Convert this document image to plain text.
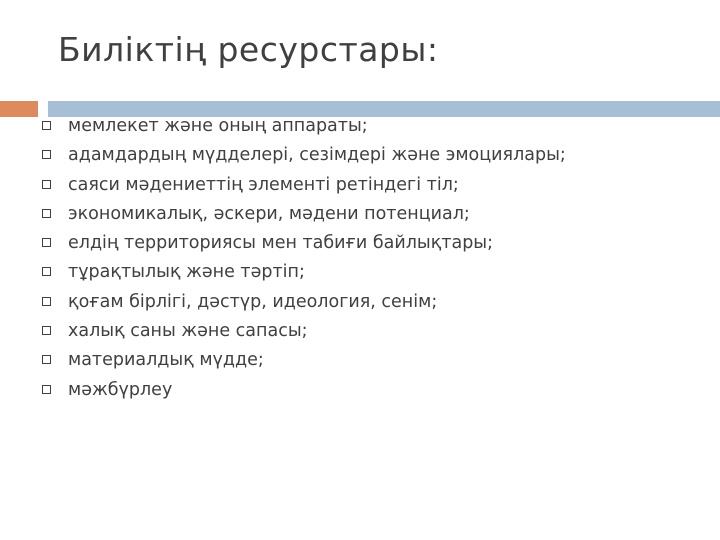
Биліктің ресурстары:
мемлекет және оның аппараты;
адамдардың мүдделері, сезімдері және эмоциялары;
саяси мәдениеттің элементі ретіндегі тіл;
экономикалық, әскери, мәдени потенциал;
елдің территориясы мен табиғи байлықтары;
тұрақтылық және тәртіп;
қоғам бірлігі, дәстүр, идеология, сенім;
халық саны және сапасы;
материалдық мүдде;
мәжбүрлеу
